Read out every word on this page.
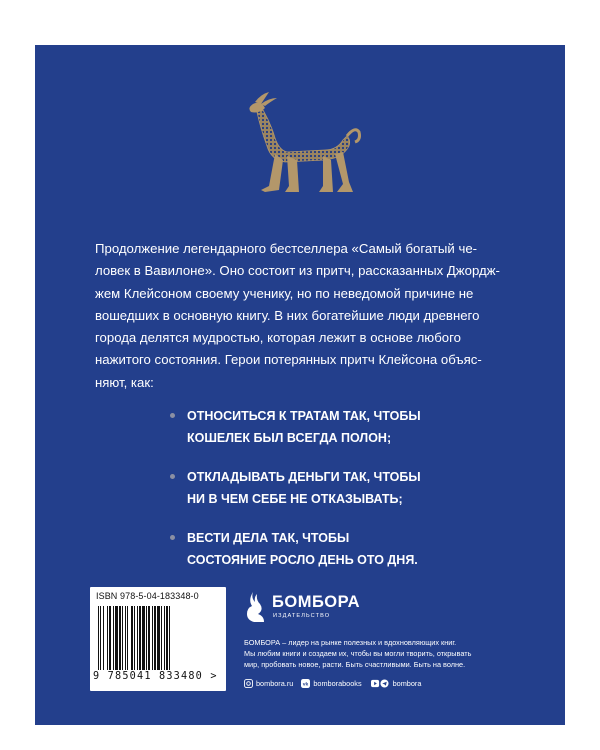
Продолжение легендарного бестселлера «Самый богатый че-
ловек в Вавилоне». Оно состоит из притч, рассказанных Джордж-
жем Клейсоном своему ученику, но по неведомой причине не
вошедших в основную книгу. В них богатейшие люди древнего
города делятся мудростью, которая лежит в основе любого
нажитого состояния. Герои потерянных притч Клейсона объяс-
няют, как:

ОТНОСИТЬСЯ К ТРАТАМ ТАК, ЧТОБЫ
КОШЕЛЕК БЫЛ ВСЕГДА ПОЛОН;
ОТКЛАДЫВАТЬ ДЕНЬГИ ТАК, ЧТОБЫ
НИ В ЧЕМ СЕБЕ НЕ ОТКАЗЫВАТЬ;
ВЕСТИ ДЕЛА ТАК, ЧТОБЫ
СОСТОЯНИЕ РОСЛО ДЕНЬ ОТО ДНЯ.
ISBN 978-5-04-183348-0
9 785041 833480 >
БОМБОРА
ИЗДАТЕЛЬСТВО

БОМБОРА – лидер на рынке полезных и вдохновляющих книг.
Мы любим книги и создаем их, чтобы вы могли творить, открывать
мир, пробовать новое, расти. Быть счастливыми. Быть на волне.

bombora.ru vk bomborabooks	bombora
